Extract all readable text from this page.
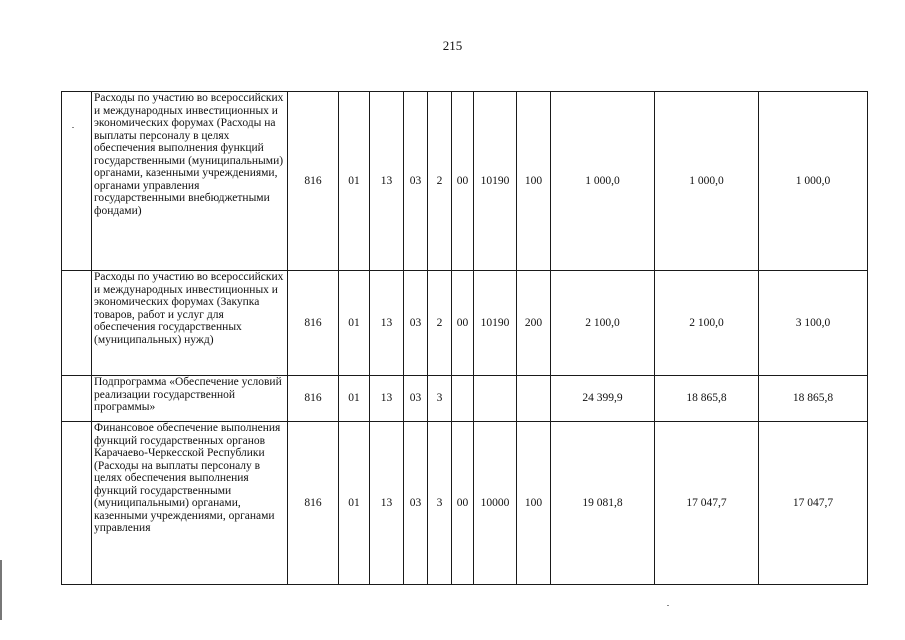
215
	Расходы по участию во всероссийских и международных инвестиционных и экономических форумах (Расходы на выплаты персоналу в целях обеспечения выполнения функций государственными (муниципальными) органами, казенными учреждениями, органами управления государственными внебюджетными фондами)	816	01	13	03	2	00	10190	100	1 000,0	1 000,0	1 000,0
	Расходы по участию во всероссийских и международных инвестиционных и экономических форумах (Закупка товаров, работ и услуг для обеспечения государственных (муниципальных) нужд)	816	01	13	03	2	00	10190	200	2 100,0	2 100,0	3 100,0
	Подпрограмма «Обеспечение условий реализации государственной программы»	816	01	13	03	3				24 399,9	18 865,8	18 865,8
	Финансовое обеспечение выполнения функций государственных органов Карачаево-Черкесской Республики (Расходы на выплаты персоналу в целях обеспечения выполнения функций государственными (муниципальными) органами, казенными учреждениями, органами управления	816	01	13	03	3	00	10000	100	19 081,8	17 047,7	17 047,7
